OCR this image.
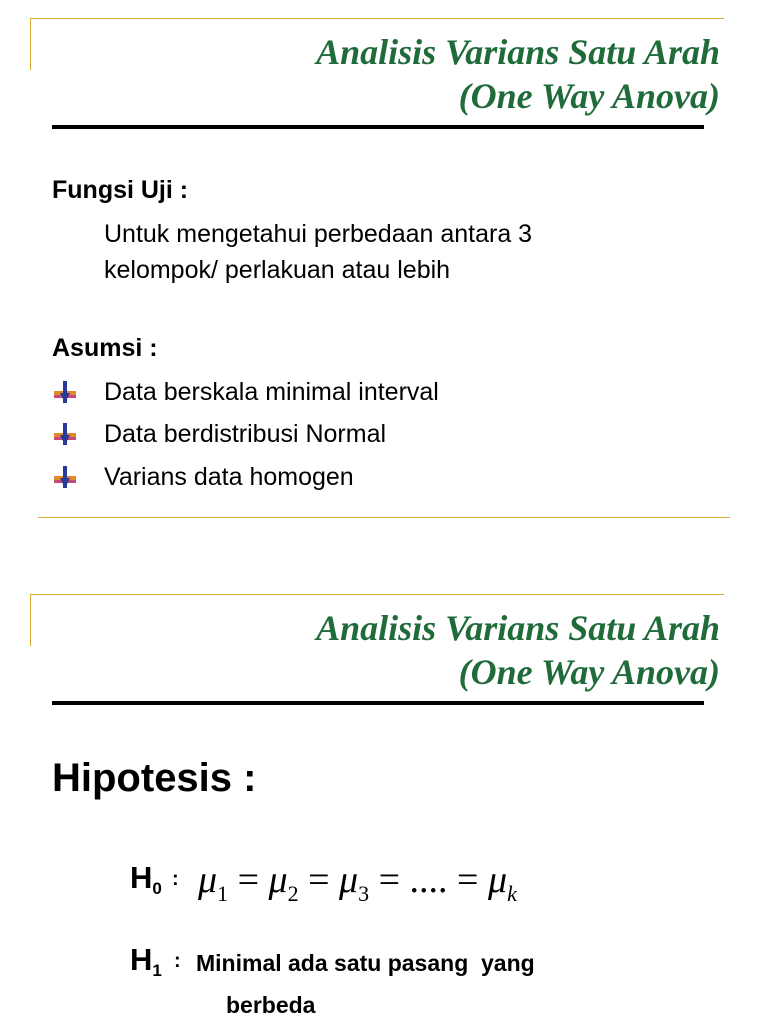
Analisis Varians Satu Arah
(One Way Anova)
Fungsi Uji :
Untuk mengetahui perbedaan antara 3
kelompok/ perlakuan atau lebih
Asumsi :
Data berskala minimal interval
Data berdistribusi Normal
Varians data homogen
Analisis Varians Satu Arah
(One Way Anova)
Hipotesis :
$H_0$ : $\mu_1 = \mu_2 = \mu_3$ = .... = $\mu_k$
$H_1$ : Minimal ada satu pasang  yang
berbeda
